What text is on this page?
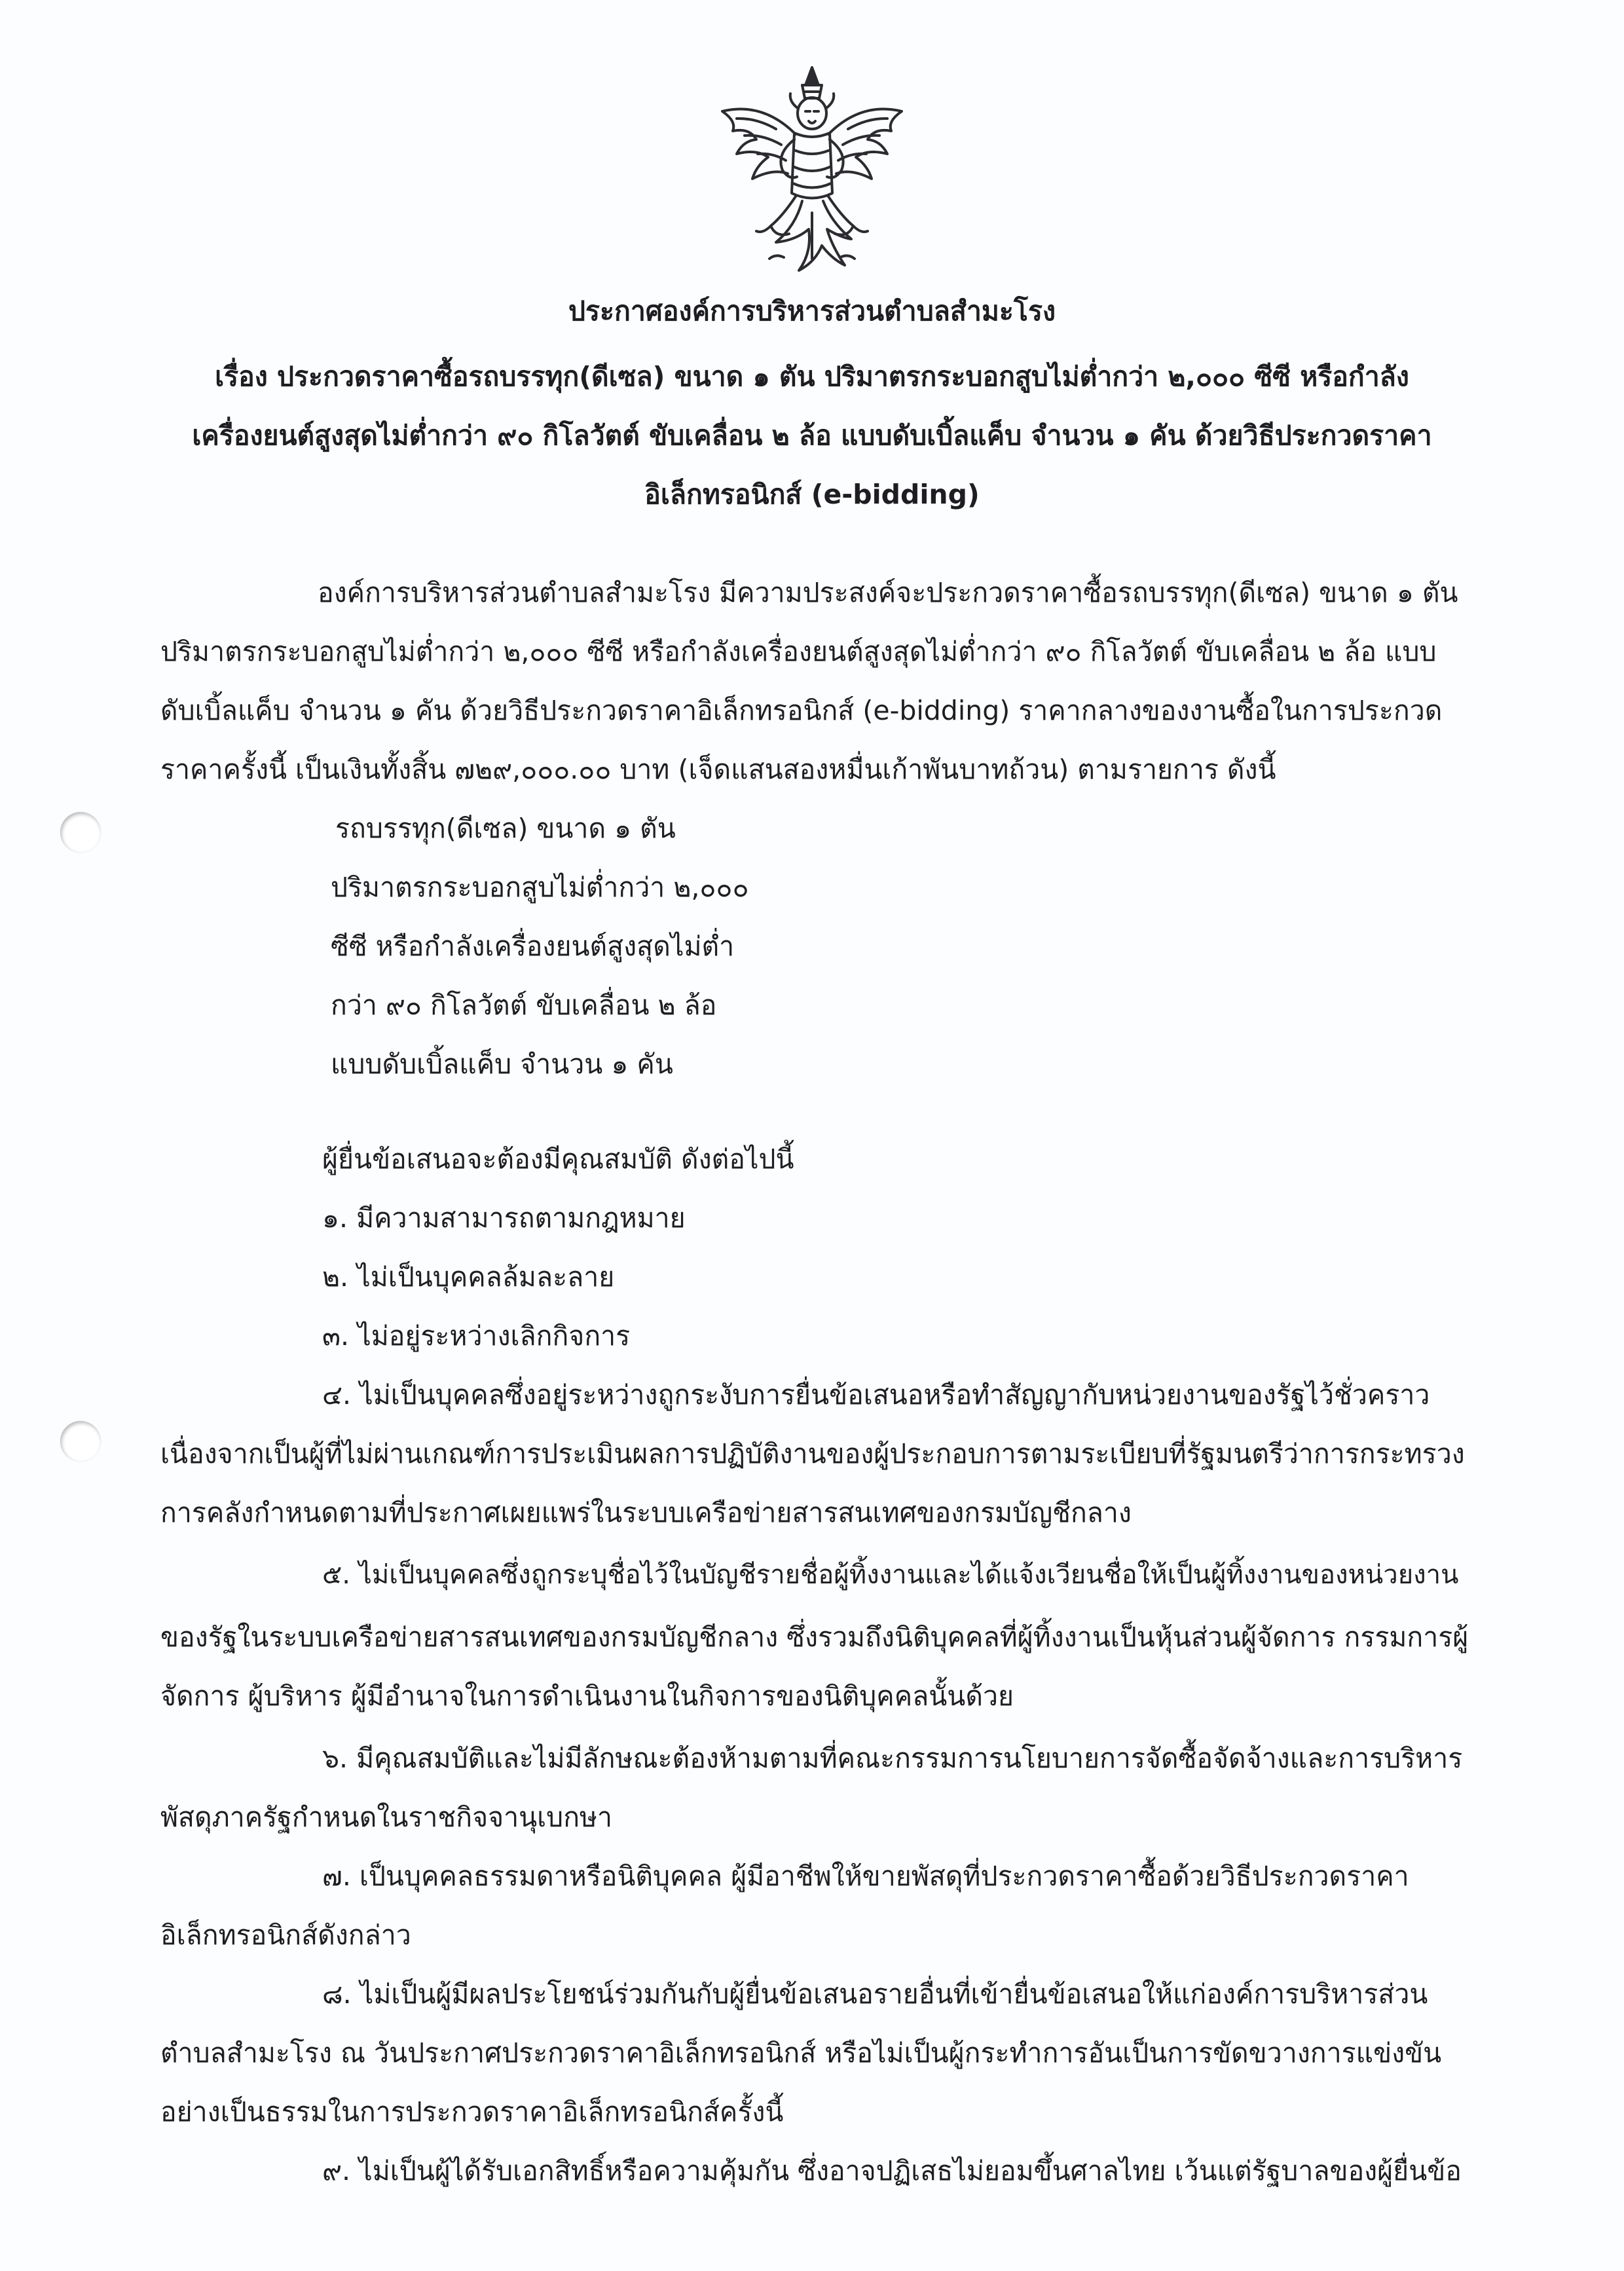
ประกาศองค์การบริหารส่วนตำบลสำมะโรง
เรื่อง ประกวดราคาซื้อรถบรรทุก(ดีเซล) ขนาด ๑ ตัน ปริมาตรกระบอกสูบไม่ต่ำกว่า ๒,๐๐๐ ซีซี หรือกำลัง
เครื่องยนต์สูงสุดไม่ต่ำกว่า ๙๐ กิโลวัตต์ ขับเคลื่อน ๒ ล้อ แบบดับเบิ้ลแค็บ จำนวน ๑ คัน ด้วยวิธีประกวดราคา
อิเล็กทรอนิกส์ (e-bidding)
องค์การบริหารส่วนตำบลสำมะโรง มีความประสงค์จะประกวดราคาซื้อรถบรรทุก(ดีเซล) ขนาด ๑ ตัน
ปริมาตรกระบอกสูบไม่ต่ำกว่า ๒,๐๐๐ ซีซี หรือกำลังเครื่องยนต์สูงสุดไม่ต่ำกว่า ๙๐ กิโลวัตต์ ขับเคลื่อน ๒ ล้อ แบบ
ดับเบิ้ลแค็บ จำนวน ๑ คัน ด้วยวิธีประกวดราคาอิเล็กทรอนิกส์ (e-bidding) ราคากลางของงานซื้อในการประกวด
ราคาครั้งนี้ เป็นเงินทั้งสิ้น ๗๒๙,๐๐๐.๐๐ บาท (เจ็ดแสนสองหมื่นเก้าพันบาทถ้วน) ตามรายการ ดังนี้
รถบรรทุก(ดีเซล) ขนาด ๑ ตัน
ปริมาตรกระบอกสูบไม่ต่ำกว่า ๒,๐๐๐
ซีซี หรือกำลังเครื่องยนต์สูงสุดไม่ต่ำ
กว่า ๙๐ กิโลวัตต์ ขับเคลื่อน ๒ ล้อ
แบบดับเบิ้ลแค็บ จำนวน ๑ คัน
ผู้ยื่นข้อเสนอจะต้องมีคุณสมบัติ ดังต่อไปนี้
๑. มีความสามารถตามกฎหมาย
๒. ไม่เป็นบุคคลล้มละลาย
๓. ไม่อยู่ระหว่างเลิกกิจการ
๔. ไม่เป็นบุคคลซึ่งอยู่ระหว่างถูกระงับการยื่นข้อเสนอหรือทำสัญญากับหน่วยงานของรัฐไว้ชั่วคราว
เนื่องจากเป็นผู้ที่ไม่ผ่านเกณฑ์การประเมินผลการปฏิบัติงานของผู้ประกอบการตามระเบียบที่รัฐมนตรีว่าการกระทรวง
การคลังกำหนดตามที่ประกาศเผยแพร่ในระบบเครือข่ายสารสนเทศของกรมบัญชีกลาง
๕. ไม่เป็นบุคคลซึ่งถูกระบุชื่อไว้ในบัญชีรายชื่อผู้ทิ้งงานและได้แจ้งเวียนชื่อให้เป็นผู้ทิ้งงานของหน่วยงาน
ของรัฐในระบบเครือข่ายสารสนเทศของกรมบัญชีกลาง ซึ่งรวมถึงนิติบุคคลที่ผู้ทิ้งงานเป็นหุ้นส่วนผู้จัดการ กรรมการผู้
จัดการ ผู้บริหาร ผู้มีอำนาจในการดำเนินงานในกิจการของนิติบุคคลนั้นด้วย
๖. มีคุณสมบัติและไม่มีลักษณะต้องห้ามตามที่คณะกรรมการนโยบายการจัดซื้อจัดจ้างและการบริหาร
พัสดุภาครัฐกำหนดในราชกิจจานุเบกษา
๗. เป็นบุคคลธรรมดาหรือนิติบุคคล ผู้มีอาชีพให้ขายพัสดุที่ประกวดราคาซื้อด้วยวิธีประกวดราคา
อิเล็กทรอนิกส์ดังกล่าว
๘. ไม่เป็นผู้มีผลประโยชน์ร่วมกันกับผู้ยื่นข้อเสนอรายอื่นที่เข้ายื่นข้อเสนอให้แก่องค์การบริหารส่วน
ตำบลสำมะโรง ณ วันประกาศประกวดราคาอิเล็กทรอนิกส์ หรือไม่เป็นผู้กระทำการอันเป็นการขัดขวางการแข่งขัน
อย่างเป็นธรรมในการประกวดราคาอิเล็กทรอนิกส์ครั้งนี้
๙. ไม่เป็นผู้ได้รับเอกสิทธิ์หรือความคุ้มกัน ซึ่งอาจปฏิเสธไม่ยอมขึ้นศาลไทย เว้นแต่รัฐบาลของผู้ยื่นข้อ
